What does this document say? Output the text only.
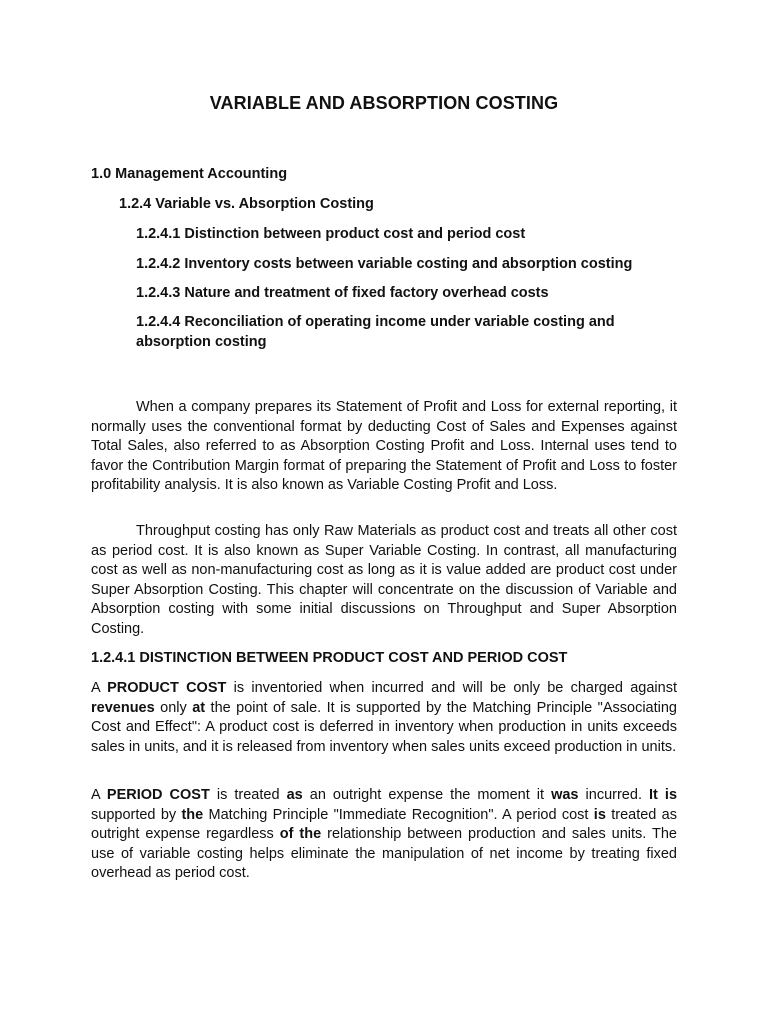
VARIABLE AND ABSORPTION COSTING
1.0 Management Accounting
1.2.4 Variable vs. Absorption Costing
1.2.4.1 Distinction between product cost and period cost
1.2.4.2 Inventory costs between variable costing and absorption costing
1.2.4.3 Nature and treatment of fixed factory overhead costs
1.2.4.4 Reconciliation of operating income under variable costing and absorption costing

When a company prepares its Statement of Profit and Loss for external reporting, it normally uses the conventional format by deducting Cost of Sales and Expenses against Total Sales, also referred to as Absorption Costing Profit and Loss. Internal uses tend to favor the Contribution Margin format of preparing the Statement of Profit and Loss to foster profitability analysis. It is also known as Variable Costing Profit and Loss.

Throughput costing has only Raw Materials as product cost and treats all other cost as period cost. It is also known as Super Variable Costing. In contrast, all manufacturing cost as well as non-manufacturing cost as long as it is value added are product cost under Super Absorption Costing. This chapter will concentrate on the discussion of Variable and Absorption costing with some initial discussions on Throughput and Super Absorption Costing.

1.2.4.1 DISTINCTION BETWEEN PRODUCT COST AND PERIOD COST

A PRODUCT COST is inventoried when incurred and will be only be charged against revenues only at the point of sale. It is supported by the Matching Principle "Associating Cost and Effect": A product cost is deferred in inventory when production in units exceeds sales in units, and it is released from inventory when sales units exceed production in units.

A PERIOD COST is treated as an outright expense the moment it was incurred. It is supported by the Matching Principle "Immediate Recognition". A period cost is treated as outright expense regardless of the relationship between production and sales units. The use of variable costing helps eliminate the manipulation of net income by treating fixed overhead as period cost.
